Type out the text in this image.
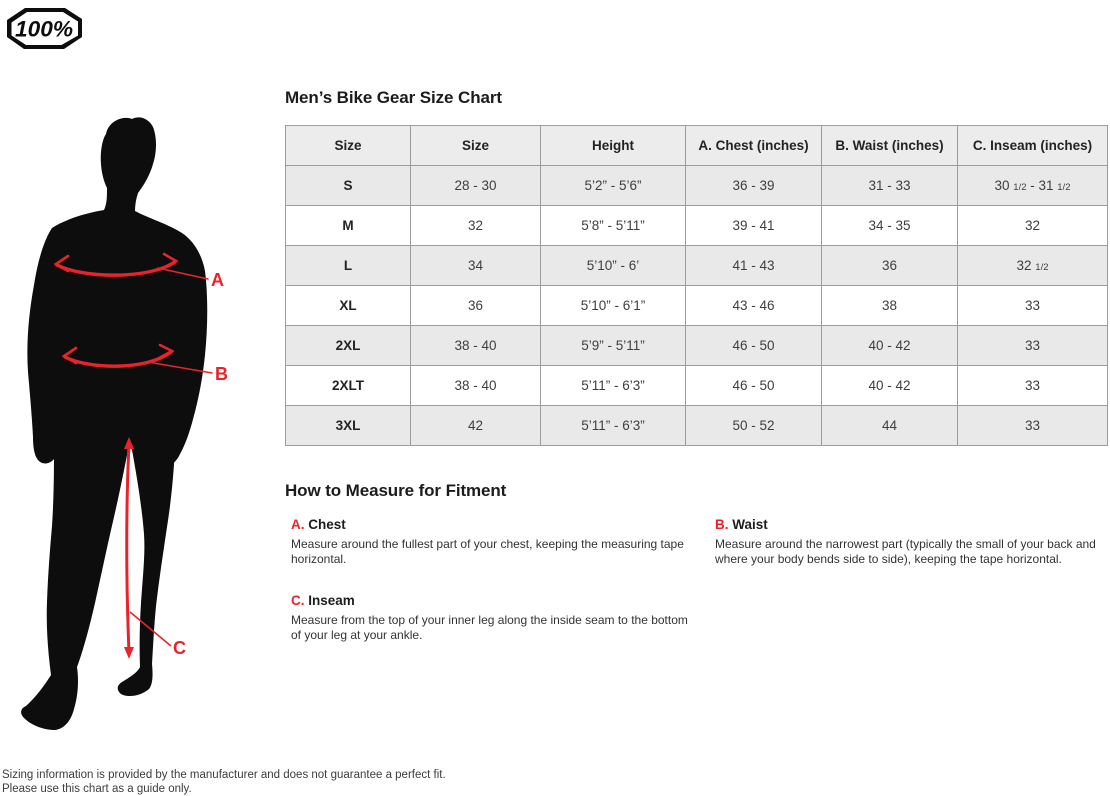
100%
A
B
C
Men’s Bike Gear Size Chart
Size	Size	Height	A. Chest (inches)	B. Waist (inches)	C. Inseam (inches)
S	28 - 30	5’2” - 5’6”	36 - 39	31 - 33	30 1/2 - 31 1/2
M	32	5’8” - 5’11”	39 - 41	34 - 35	32
L	34	5’10” - 6’	41 - 43	36	32 1/2
XL	36	5’10” - 6’1”	43 - 46	38	33
2XL	38 - 40	5’9” - 5’11”	46 - 50	40 - 42	33
2XLT	38 - 40	5’11” - 6’3”	46 - 50	40 - 42	33
3XL	42	5’11” - 6’3”	50 - 52	44	33
How to Measure for Fitment
A. Chest

Measure around the fullest part of your chest, keeping the measuring tape horizontal.

C. Inseam

Measure from the top of your inner leg along the inside seam to the bottom of your leg at your ankle.

B. Waist

Measure around the narrowest part (typically the small of your back and where your body bends side to side), keeping the tape horizontal.

Sizing information is provided by the manufacturer and does not guarantee a perfect fit.
Please use this chart as a guide only.
